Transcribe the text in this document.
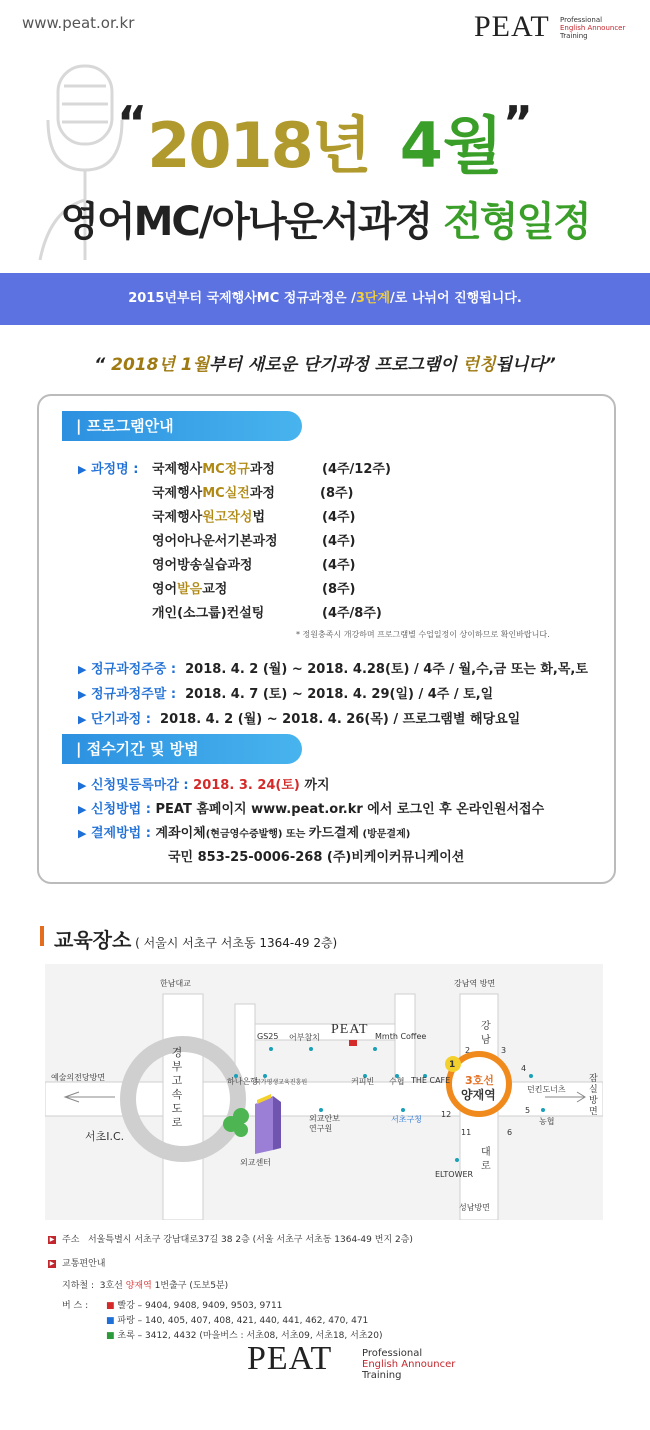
www.peat.or.kr	PEAT Professional
English Announcer
Training
“2018년 4월”
영어MC/아나운서과정 전형일정
2015년부터 국제행사MC 정규과정은 /3단계/로 나뉘어 진행됩니다.
“ 2018년 1월부터 새로운 단기과정 프로그램이 런칭됩니다”
| 프로그램안내
▶ 과정명 : 국제행사MC정규과정	(4주/12주)
국제행사MC실전과정	(8주)
국제행사원고작성법	(4주)
영어아나운서기본과정	(4주)
영어방송실습과정	(4주)
영어발음교정	(8주)
개인(소그룹)컨설팅	(4주/8주)
* 정원충족시 개강하며 프로그램별 수업일정이 상이하므로 확인바랍니다.
▶ 정규과정주중 : 2018. 4. 2 (월) ~ 2018. 4.28(토) / 4주 / 월,수,금 또는 화,목,토
▶ 정규과정주말 : 2018. 4. 7 (토) ~ 2018. 4. 29(일) / 4주 / 토,일
▶ 단기과정 : 2018. 4. 2 (월) ~ 2018. 4. 26(목) / 프로그램별 해당요일
| 접수기간 및 방법
▶ 신청및등록마감 : 2018. 3. 24(토) 까지
▶ 신청방법 : PEAT 홈페이지 www.peat.or.kr 에서 로그인 후 온라인원서접수
▶ 결제방법 : 계좌이체(현금영수증발행) 또는 카드결제 (방문결제)
국민 853-25-0006-268 (주)비케이커뮤니케이션
교육장소 ( 서울시 서초구 서초동 1364-49 2층)
한남대교	강남역 방면
예술의전당방면
서초I.C.
경
부
고
속
도
로
강
남
대
로
GS25 어부참치
PEAT Mmth Coffee
하나은행
국가평생교육진흥원	커피빈 수협 THE CAFE
외교센터
외교안보
연구원
서초구청
ELTOWER
던킨도너츠
농협
잠
실
방
면
성남방면
3호선
양재역
1
2	3
4
5
6
11
12
▶ 주소 서울특별시 서초구 강남대로37길 38 2층 (서울 서초구 서초동 1364-49 번지 2층)
▶ 교통편안내
지하철 : 3호선 양재역 1번출구 (도보5분)
버 스 : ■ 빨강 – 9404, 9408, 9409, 9503, 9711
■ 파랑 – 140, 405, 407, 408, 421, 440, 441, 462, 470, 471
■ 초록 – 3412, 4432 (마을버스 : 서초08, 서초09, 서초18, 서초20)
PEAT	Professional
English Announcer
Training
